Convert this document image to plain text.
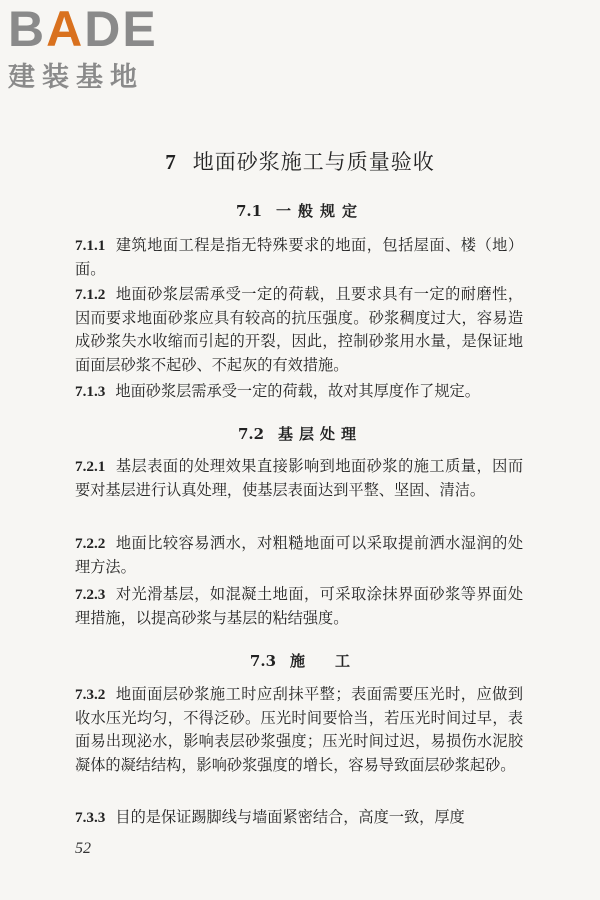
BADE
建装基地
7 地面砂浆施工与质量验收
7.1 一般规定
7.1.1 建筑地面工程是指无特殊要求的地面，包括屋面、楼（地）面。
7.1.2 地面砂浆层需承受一定的荷载，且要求具有一定的耐磨性，因而要求地面砂浆应具有较高的抗压强度。砂浆稠度过大，容易造成砂浆失水收缩而引起的开裂，因此，控制砂浆用水量，是保证地面面层砂浆不起砂、不起灰的有效措施。
7.1.3 地面砂浆层需承受一定的荷载，故对其厚度作了规定。
7.2 基层处理
7.2.1 基层表面的处理效果直接影响到地面砂浆的施工质量，因而要对基层进行认真处理，使基层表面达到平整、坚固、清洁。
7.2.2 地面比较容易洒水，对粗糙地面可以采取提前洒水湿润的处理方法。
7.2.3 对光滑基层，如混凝土地面，可采取涂抹界面砂浆等界面处理措施，以提高砂浆与基层的粘结强度。
7.3 施 工
7.3.2 地面面层砂浆施工时应刮抹平整；表面需要压光时，应做到收水压光均匀，不得泛砂。压光时间要恰当，若压光时间过早，表面易出现泌水，影响表层砂浆强度；压光时间过迟，易损伤水泥胶凝体的凝结结构，影响砂浆强度的增长，容易导致面层砂浆起砂。
7.3.3 目的是保证踢脚线与墙面紧密结合，高度一致，厚度
52
